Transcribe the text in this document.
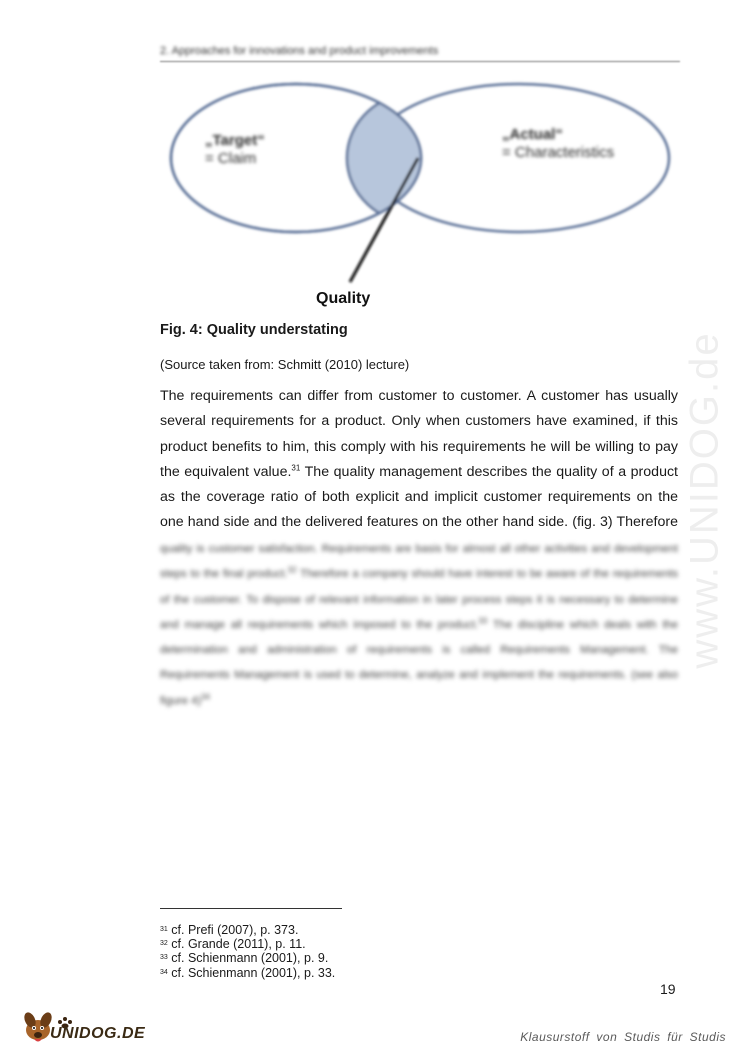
2. Approaches for innovations and product improvements
„Target“
= Claim
„Actual“
= Characteristics
Quality
Fig. 4: Quality understating
(Source taken from: Schmitt (2010) lecture)
The requirements can differ from customer to customer. A customer has usually several requirements for a product. Only when customers have examined, if this product benefits to him, this comply with his requirements he will be willing to pay the equivalent value.$^{31}$ The quality management describes the quality of a product as the coverage ratio of both explicit and implicit customer requirements on the one hand side and the delivered features on the other hand side. (fig. 3) Therefore
quality is customer satisfaction. Requirements are basis for almost all other activities and development steps to the final product.$^{32}$ Therefore a company should have interest to be aware of the requirements of the customer. To dispose of relevant information in later process steps it is necessary to determine and manage all requirements which imposed to the product.$^{33}$ The discipline which deals with the determination and administration of requirements is called Requirements Management. The Requirements Management is used to determine, analyze and implement the requirements. (see also figure 4)$^{34}$
www.UNIDOG.de
$^{31}$ cf. Prefi (2007), p. 373.
$^{32}$ cf. Grande (2011), p. 11.
$^{33}$ cf. Schienmann (2001), p. 9.
$^{34}$ cf. Schienmann (2001), p. 33.
19
UNIDOG.DE	Klausurstoff von Studis für Studis
